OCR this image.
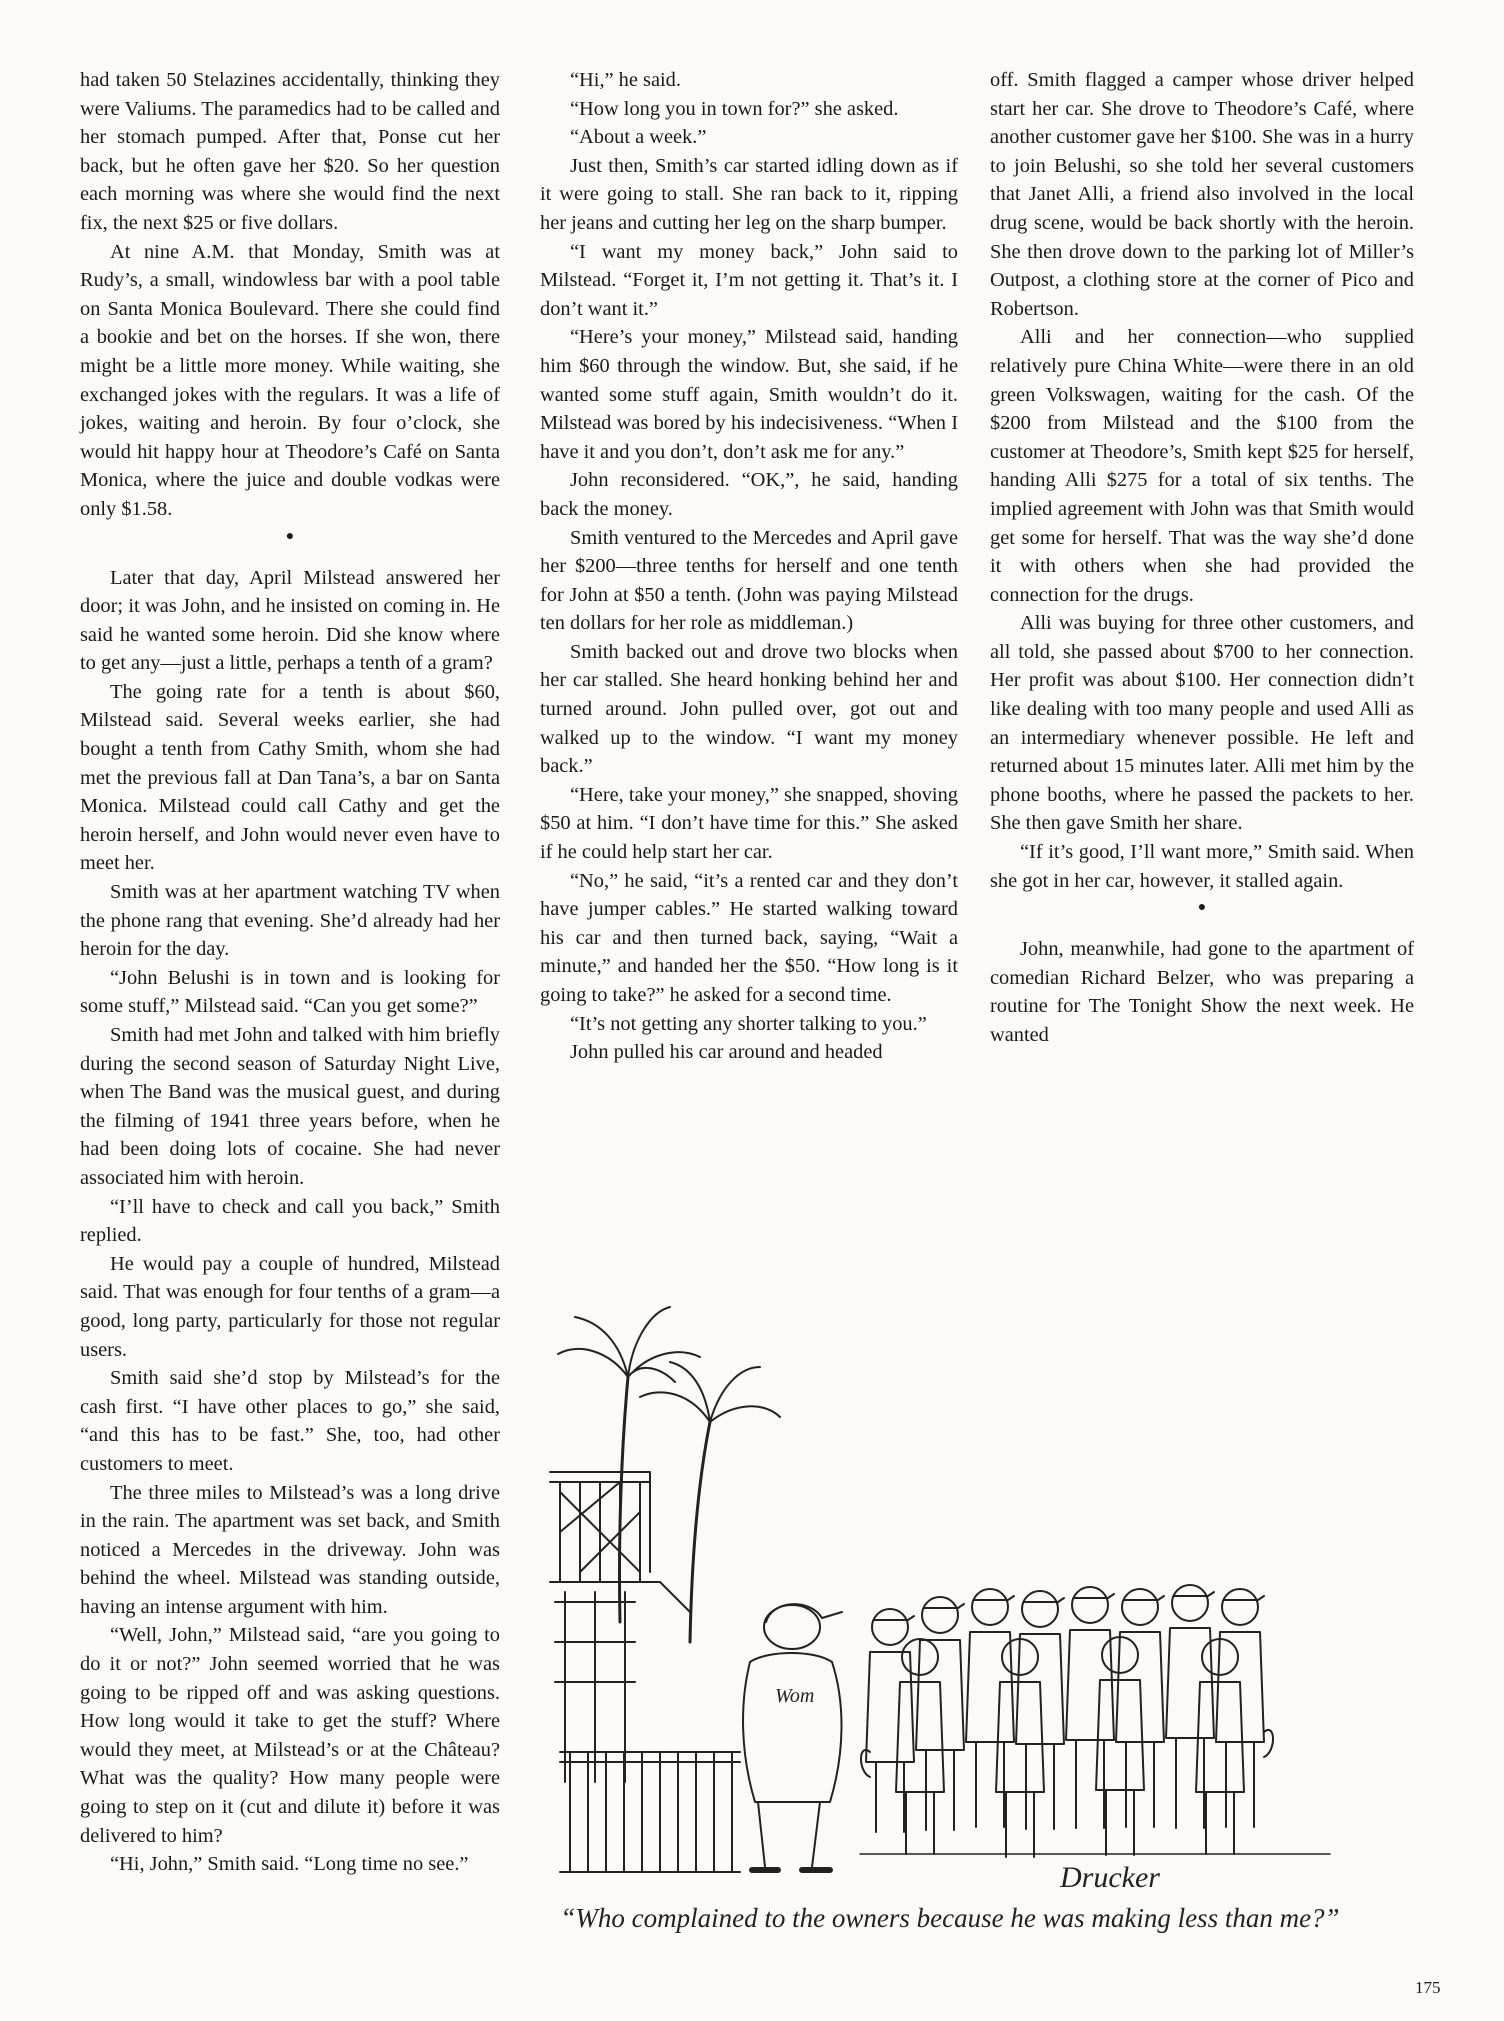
had taken 50 Stelazines accidentally, thinking they were Valiums. The paramedics had to be called and her stomach pumped. After that, Ponse cut her back, but he often gave her $20. So her question each morning was where she would find the next fix, the next $25 or five dollars.

At nine A.M. that Monday, Smith was at Rudy’s, a small, windowless bar with a pool table on Santa Monica Boulevard. There she could find a bookie and bet on the horses. If she won, there might be a little more money. While waiting, she exchanged jokes with the regulars. It was a life of jokes, waiting and heroin. By four o’clock, she would hit happy hour at Theodore’s Café on Santa Monica, where the juice and double vodkas were only $1.58.

●

Later that day, April Milstead answered her door; it was John, and he insisted on coming in. He said he wanted some heroin. Did she know where to get any—just a little, perhaps a tenth of a gram?

The going rate for a tenth is about $60, Milstead said. Several weeks earlier, she had bought a tenth from Cathy Smith, whom she had met the previous fall at Dan Tana’s, a bar on Santa Monica. Milstead could call Cathy and get the heroin herself, and John would never even have to meet her.

Smith was at her apartment watching TV when the phone rang that evening. She’d already had her heroin for the day.

“John Belushi is in town and is looking for some stuff,” Milstead said. “Can you get some?”

Smith had met John and talked with him briefly during the second season of Saturday Night Live, when The Band was the musical guest, and during the filming of 1941 three years before, when he had been doing lots of cocaine. She had never associated him with heroin.

“I’ll have to check and call you back,” Smith replied.

He would pay a couple of hundred, Milstead said. That was enough for four tenths of a gram—a good, long party, particularly for those not regular users.

Smith said she’d stop by Milstead’s for the cash first. “I have other places to go,” she said, “and this has to be fast.” She, too, had other customers to meet.

The three miles to Milstead’s was a long drive in the rain. The apartment was set back, and Smith noticed a Mercedes in the driveway. John was behind the wheel. Milstead was standing outside, having an intense argument with him.

“Well, John,” Milstead said, “are you going to do it or not?” John seemed worried that he was going to be ripped off and was asking questions. How long would it take to get the stuff? Where would they meet, at Milstead’s or at the Château? What was the quality? How many people were going to step on it (cut and dilute it) before it was delivered to him?

“Hi, John,” Smith said. “Long time no see.”

“Hi,” he said.

“How long you in town for?” she asked.

“About a week.”

Just then, Smith’s car started idling down as if it were going to stall. She ran back to it, ripping her jeans and cutting her leg on the sharp bumper.

“I want my money back,” John said to Milstead. “Forget it, I’m not getting it. That’s it. I don’t want it.”

“Here’s your money,” Milstead said, handing him $60 through the window. But, she said, if he wanted some stuff again, Smith wouldn’t do it. Milstead was bored by his indecisiveness. “When I have it and you don’t, don’t ask me for any.”

John reconsidered. “OK,”, he said, handing back the money.

Smith ventured to the Mercedes and April gave her $200—three tenths for herself and one tenth for John at $50 a tenth. (John was paying Milstead ten dollars for her role as middleman.)

Smith backed out and drove two blocks when her car stalled. She heard honking behind her and turned around. John pulled over, got out and walked up to the window. “I want my money back.”

“Here, take your money,” she snapped, shoving $50 at him. “I don’t have time for this.” She asked if he could help start her car.

“No,” he said, “it’s a rented car and they don’t have jumper cables.” He started walking toward his car and then turned back, saying, “Wait a minute,” and handed her the $50. “How long is it going to take?” he asked for a second time.

“It’s not getting any shorter talking to you.”

John pulled his car around and headed

off. Smith flagged a camper whose driver helped start her car. She drove to Theodore’s Café, where another customer gave her $100. She was in a hurry to join Belushi, so she told her several customers that Janet Alli, a friend also involved in the local drug scene, would be back shortly with the heroin. She then drove down to the parking lot of Miller’s Outpost, a clothing store at the corner of Pico and Robertson.

Alli and her connection—who supplied relatively pure China White—were there in an old green Volkswagen, waiting for the cash. Of the $200 from Milstead and the $100 from the customer at Theodore’s, Smith kept $25 for herself, handing Alli $275 for a total of six tenths. The implied agreement with John was that Smith would get some for herself. That was the way she’d done it with others when she had provided the connection for the drugs.

Alli was buying for three other customers, and all told, she passed about $700 to her connection. Her profit was about $100. Her connection didn’t like dealing with too many people and used Alli as an intermediary whenever possible. He left and returned about 15 minutes later. Alli met him by the phone booths, where he passed the packets to her. She then gave Smith her share.

“If it’s good, I’ll want more,” Smith said. When she got in her car, however, it stalled again.

●

John, meanwhile, had gone to the apartment of comedian Richard Belzer, who was preparing a routine for The Tonight Show the next week. He wanted

Wom
Drucker
“Who complained to the owners because he was making less than me?”
175
